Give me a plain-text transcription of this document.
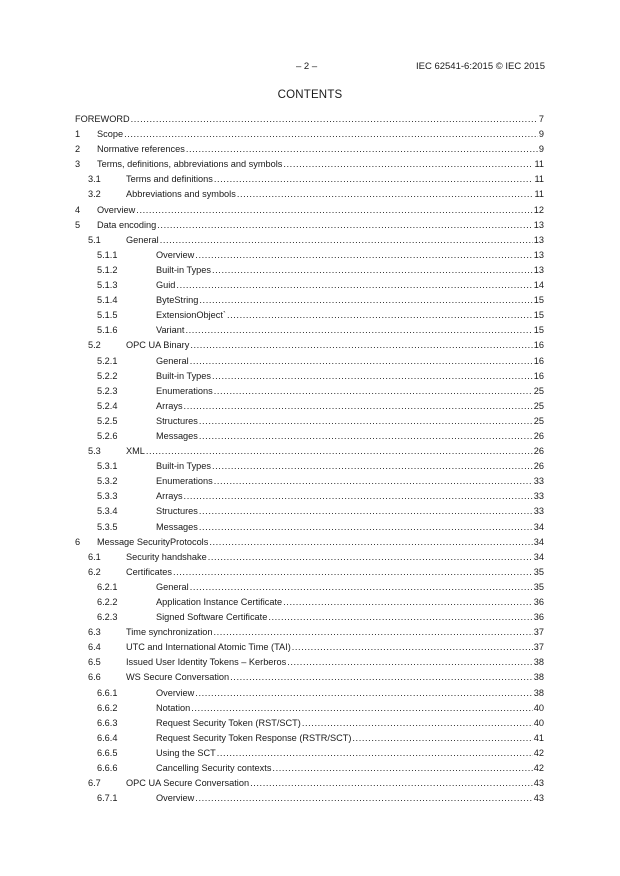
– 2 –	IEC 62541-6:2015 © IEC 2015
CONTENTS
FOREWORD .....	7
1 Scope .....	9
2 Normative references .....	9
3 Terms, definitions, abbreviations and symbols .....	11
3.1	Terms and definitions .....	11
3.2	Abbreviations and symbols .....	11
4 Overview .....	12
5 Data encoding .....	13
5.1	General .....	13
5.1.1	Overview .....	13
5.1.2	Built-in Types .....	13
5.1.3	Guid .....	14
5.1.4	ByteString .....	15
5.1.5	ExtensionObject` .....	15
5.1.6	Variant .....	15
5.2	OPC UA Binary .....	16
5.2.1	General .....	16
5.2.2	Built-in Types .....	16
5.2.3	Enumerations .....	25
5.2.4	Arrays .....	25
5.2.5	Structures .....	25
5.2.6	Messages .....	26
5.3	XML .....	26
5.3.1	Built-in Types .....	26
5.3.2	Enumerations .....	33
5.3.3	Arrays .....	33
5.3.4	Structures .....	33
5.3.5	Messages .....	34
6 Message SecurityProtocols .....	34
6.1	Security handshake .....	34
6.2	Certificates .....	35
6.2.1	General .....	35
6.2.2	Application Instance Certificate .....	36
6.2.3	Signed Software Certificate .....	36
6.3	Time synchronization .....	37
6.4	UTC and International Atomic Time (TAI) .....	37
6.5	Issued User Identity Tokens – Kerberos .....	38
6.6	WS Secure Conversation .....	38
6.6.1	Overview .....	38
6.6.2	Notation .....	40
6.6.3	Request Security Token (RST/SCT) .....	40
6.6.4	Request Security Token Response (RSTR/SCT) .....	41
6.6.5	Using the SCT .....	42
6.6.6	Cancelling Security contexts .....	42
6.7	OPC UA Secure Conversation .....	43
6.7.1	Overview .....	43
